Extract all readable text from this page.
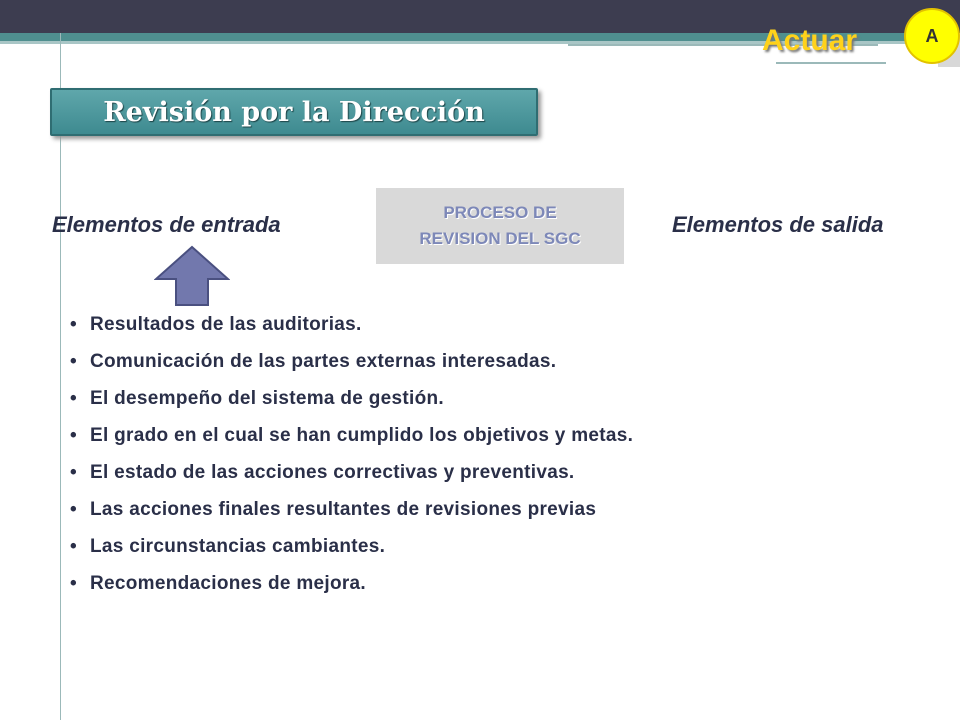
Actuar	A
Revisión por la Dirección
Elementos de entrada	PROCESO DE
REVISION DEL SGC
Elementos de salida
• Resultados de las auditorias.
• Comunicación de las partes externas interesadas.
• El desempeño del sistema de gestión.
• El grado en el cual se han cumplido los objetivos y metas.
• El estado de las acciones correctivas y preventivas.
• Las acciones finales resultantes de revisiones previas
• Las circunstancias cambiantes.
• Recomendaciones de mejora.
